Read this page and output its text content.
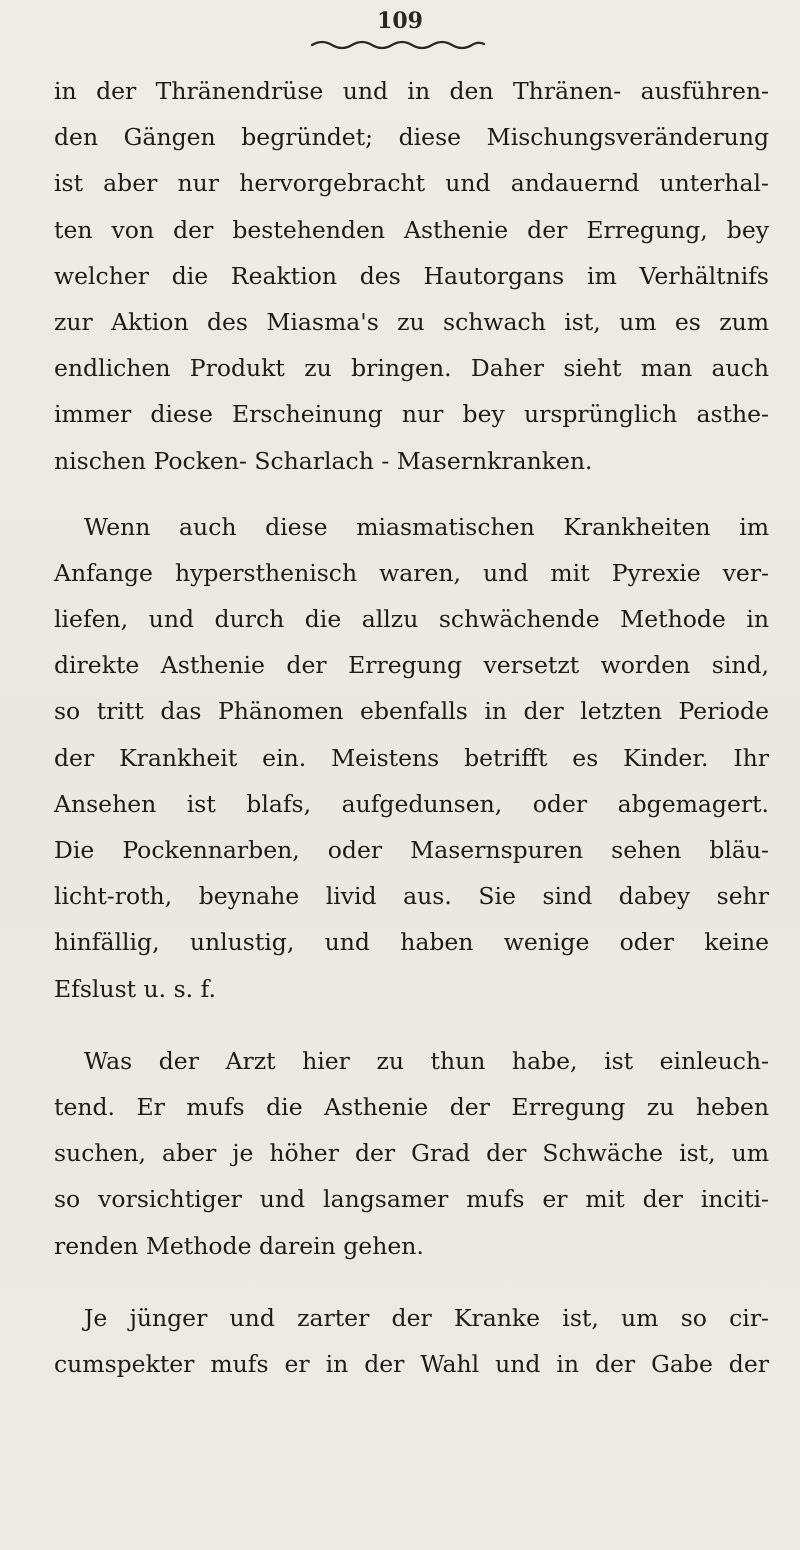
109
in der Thränendrüse und in den Thränen- ausführen-
den Gängen begründet; diese Mischungsveränderung
ist aber nur hervorgebracht und andauernd unterhal-
ten von der bestehenden Asthenie der Erregung, bey
welcher die Reaktion des Hautorgans im Verhältnifs
zur Aktion des Miasma's zu schwach ist, um es zum
endlichen Produkt zu bringen. Daher sieht man auch
immer diese Erscheinung nur bey ursprünglich asthe-
nischen Pocken- Scharlach - Masernkranken.
Wenn auch diese miasmatischen Krankheiten im
Anfange hypersthenisch waren, und mit Pyrexie ver-
liefen, und durch die allzu schwächende Methode in
direkte Asthenie der Erregung versetzt worden sind,
so tritt das Phänomen ebenfalls in der letzten Periode
der Krankheit ein. Meistens betrifft es Kinder. Ihr
Ansehen ist blafs, aufgedunsen, oder abgemagert.
Die Pockennarben, oder Masernspuren sehen bläu-
licht-roth, beynahe livid aus. Sie sind dabey sehr
hinfällig, unlustig, und haben wenige oder keine
Efslust u. s. f.
Was der Arzt hier zu thun habe, ist einleuch-
tend. Er mufs die Asthenie der Erregung zu heben
suchen, aber je höher der Grad der Schwäche ist, um
so vorsichtiger und langsamer mufs er mit der inciti-
renden Methode darein gehen.
Je jünger und zarter der Kranke ist, um so cir-
cumspekter mufs er in der Wahl und in der Gabe der
